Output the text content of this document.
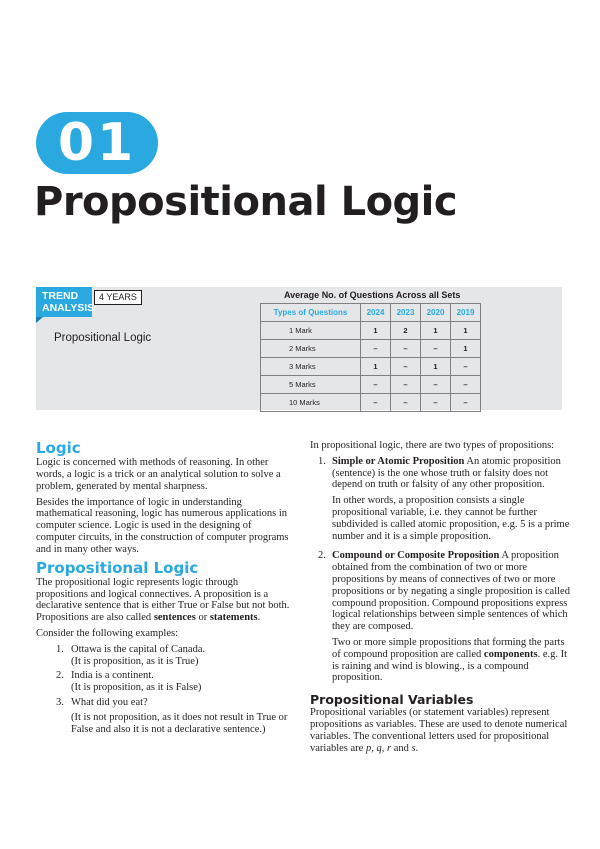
01
Propositional Logic
TREND
ANALYSIS
4 YEARS
Propositional Logic
Average No. of Questions Across all Sets
Types of Questions	2024	2023	2020	2019
1 Mark	1	2	1	1
2 Marks	–	–	–	1
3 Marks	1	–	1	–
5 Marks	–	–	–	–
10 Marks	–	–	–	–
Logic

Logic is concerned with methods of reasoning. In other words, a logic is a trick or an analytical solution to solve a problem, generated by mental sharpness.

Besides the importance of logic in understanding mathematical reasoning, logic has numerous applications in computer science. Logic is used in the designing of computer circuits, in the construction of computer programs and in many other ways.

Propositional Logic

The propositional logic represents logic through propositions and logical connectives. A proposition is a declarative sentence that is either True or False but not both. Propositions are also called sentences or statements.

Consider the following examples:

1. Ottawa is the capital of Canada.
(It is proposition, as it is True)
2. India is a continent.
(It is proposition, as it is False)
3. What did you eat?
(It is not proposition, as it does not result in True or False and also it is not a declarative sentence.)

In propositional logic, there are two types of propositions:

1. Simple or Atomic Proposition An atomic proposition (sentence) is the one whose truth or falsity does not depend on truth or falsity of any other proposition.

In other words, a proposition consists a single propositional variable, i.e. they cannot be further subdivided is called atomic proposition, e.g. 5 is a prime number and it is a simple proposition.

2. Compound or Composite Proposition A proposition obtained from the combination of two or more propositions by means of connectives of two or more propositions or by negating a single proposition is called compound proposition. Compound propositions express logical relationships between simple sentences of which they are composed.

Two or more simple propositions that forming the parts of compound proposition are called components. e.g. It is raining and wind is blowing., is a compound proposition.

Propositional Variables

Propositional variables (or statement variables) represent propositions as variables. These are used to denote numerical variables. The conventional letters used for propositional variables are p, q, r and s.
